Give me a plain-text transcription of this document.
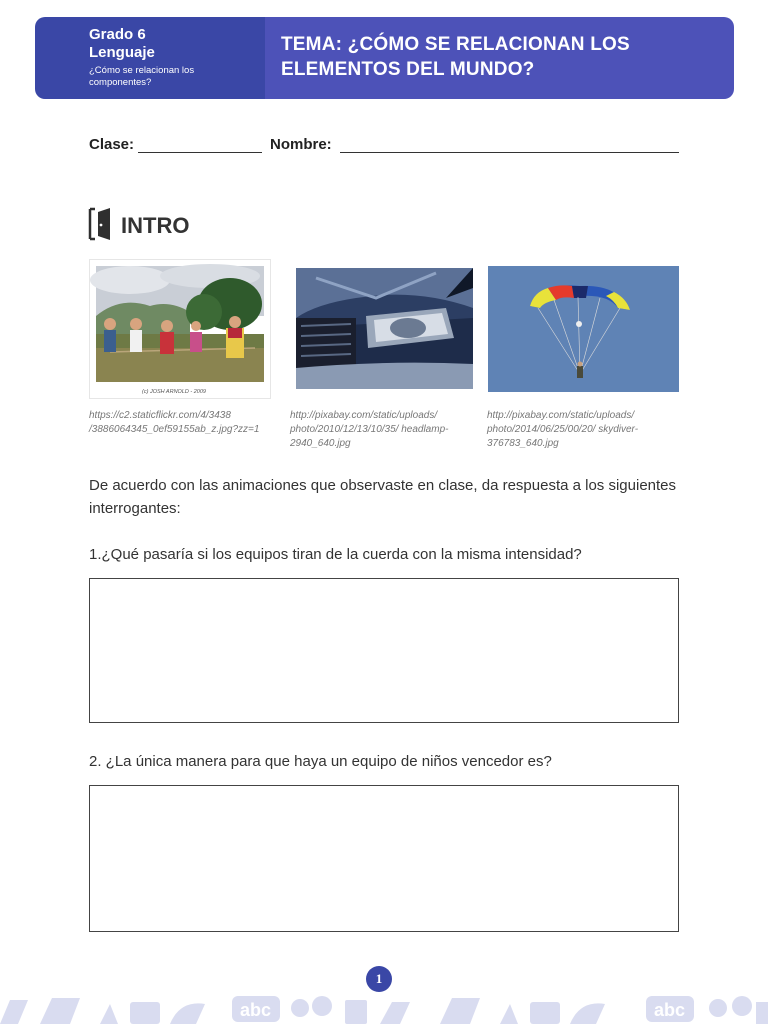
Grado 6
Lenguaje
¿Cómo se relacionan los componentes?
TEMA: ¿CÓMO SE RELACIONAN LOS ELEMENTOS DEL MUNDO?
Clase:	Nombre:
INTRO
(c) JOSH ARNOLD - 2009
https://c2.staticflickr.com/4/3438 /3886064345_0ef59155ab_z.jpg?zz=1
http://pixabay.com/static/uploads/ photo/2010/12/13/10/35/ headlamp-2940_640.jpg
http://pixabay.com/static/uploads/ photo/2014/06/25/00/20/ skydiver-376783_640.jpg
De acuerdo con las animaciones que observaste en clase, da respuesta a los siguientes interrogantes:
1.¿Qué pasaría si los equipos tiran de la cuerda con la misma intensidad?
2. ¿La única manera para que haya un equipo de niños vencedor es?
1
abc	abc
